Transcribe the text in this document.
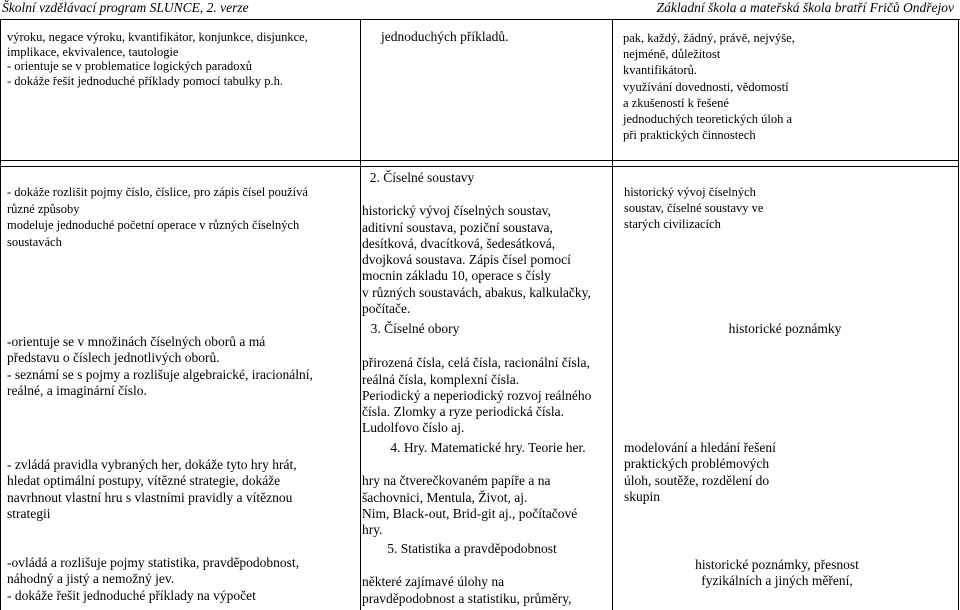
Školní vzdělávací program SLUNCE, 2. verze	Základní škola a mateřská škola bratří Fričů Ondřejov
výroku, negace výroku, kvantifikátor, konjunkce, disjunkce,
implikace, ekvivalence, tautologie
- orientuje se v problematice logických paradoxů
- dokáže řešit jednoduché příklady pomocí tabulky p.h.
jednoduchých příkladů.	pak, každý, žádný, právě, nejvýše,
nejméně, důležitost
kvantifikátorů.
využívání dovednosti, vědomostí
a zkušeností k řešené
jednoduchých teoretických úloh a
při praktických činnostech
- dokáže rozlišit pojmy číslo, číslice, pro zápis čísel používá
různé způsoby
modeluje jednoduché početní operace v různých číselných
soustavách
2. Číselné soustavy
historický vývoj číselných soustav,
aditivní soustava, poziční soustava,
desítková, dvacítková, šedesátková,
dvojková soustava. Zápis čísel pomocí
mocnin základu 10, operace s čísly
v různých soustavách, abakus, kalkulačky,
počítače.
historický vývoj číselných
soustav, číselné soustavy ve
starých civilizacích
-orientuje se v množinách číselných oborů a má
představu o číslech jednotlivých oborů.
- seznámí se s pojmy a rozlišuje algebraické, iracionální,
reálné, a imaginární číslo.
3. Číselné obory
přirozená čísla, celá čísla, racionální čísla,
reálná čísla, komplexní čísla.
Periodický a neperiodický rozvoj reálného
čísla. Zlomky a ryze periodická čísla.
Ludolfovo číslo aj.
historické poznámky
- zvládá pravidla vybraných her, dokáže tyto hry hrát,
hledat optimální postupy, vítězné strategie, dokáže
navrhnout vlastní hru s vlastními pravidly a vítěznou
strategii
4. Hry. Matematické hry. Teorie her.
hry na čtverečkovaném papíře a na
šachovnici, Mentula, Život, aj.
Nim, Black-out, Brid-git aj., počítačové
hry.
modelování a hledání řešení
praktických problémových
úloh, soutěže, rozdělení do
skupin
-ovládá a rozlišuje pojmy statistika, pravděpodobnost,
náhodný a jistý a nemožný jev.
- dokáže řešit jednoduché příklady na výpočet
5. Statistika a pravděpodobnost
některé zajímavé úlohy na
pravděpodobnost a statistiku, průměry,
historické poznámky, přesnost
fyzikálních a jiných měření,
